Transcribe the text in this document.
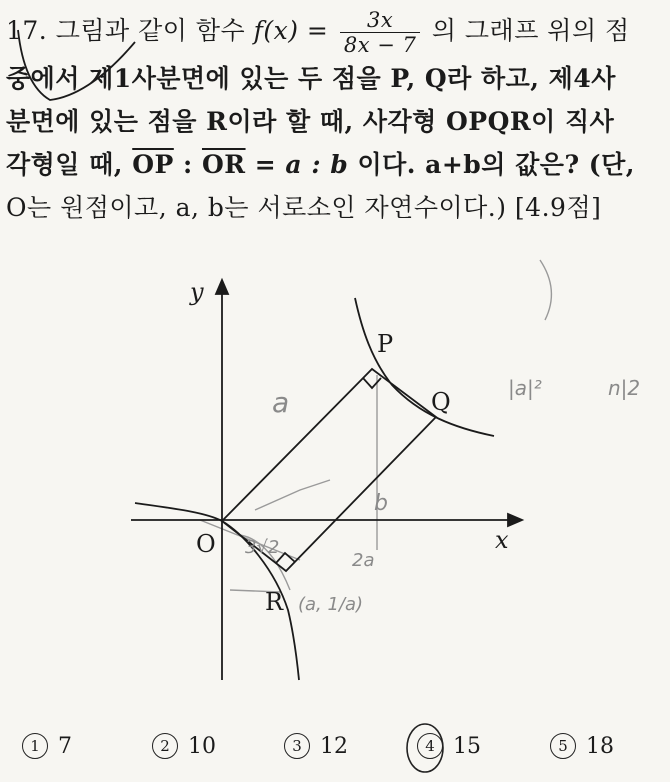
17. 그림과 같이 함수 $f(x) = \frac{3x}{8x - 7}$ 의 그래프 위의 점
중에서 제1사분면에 있는 두 점을 P, Q라 하고, 제4사
분면에 있는 점을 R이라 할 때, 사각형 OPQR이 직사
각형일 때, $\overline{OP}$ : $\overline{OR} = a$ : b 이다. a+b의 값은? (단,
O는 원점이고, a, b는 서로소인 자연수이다.) [4.9점]
x
y
O
P
Q
R
a
b
3√2
(a, 1/a)
|a|²	n|2
2a
1 7	2 10	3 12	4 15	5 18
